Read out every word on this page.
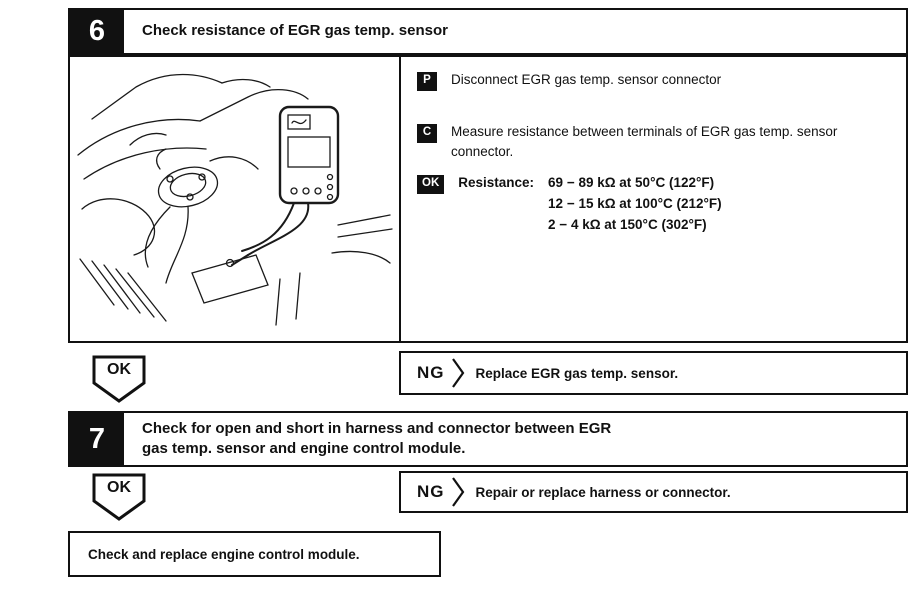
6 Check resistance of EGR gas temp. sensor
P	Disconnect EGR gas temp. sensor connector
C	Measure resistance between terminals of EGR gas temp. sensor connector.
OK	Resistance: 69 − 89 kΩ at 50°C (122°F)
12 − 15 kΩ at 100°C (212°F)
2 − 4 kΩ at 150°C (302°F)
OK	NG Replace EGR gas temp. sensor.
7 Check for open and short in harness and connector between EGR
gas temp. sensor and engine control module.
OK	NG Repair or replace harness or connector.
Check and replace engine control module.
